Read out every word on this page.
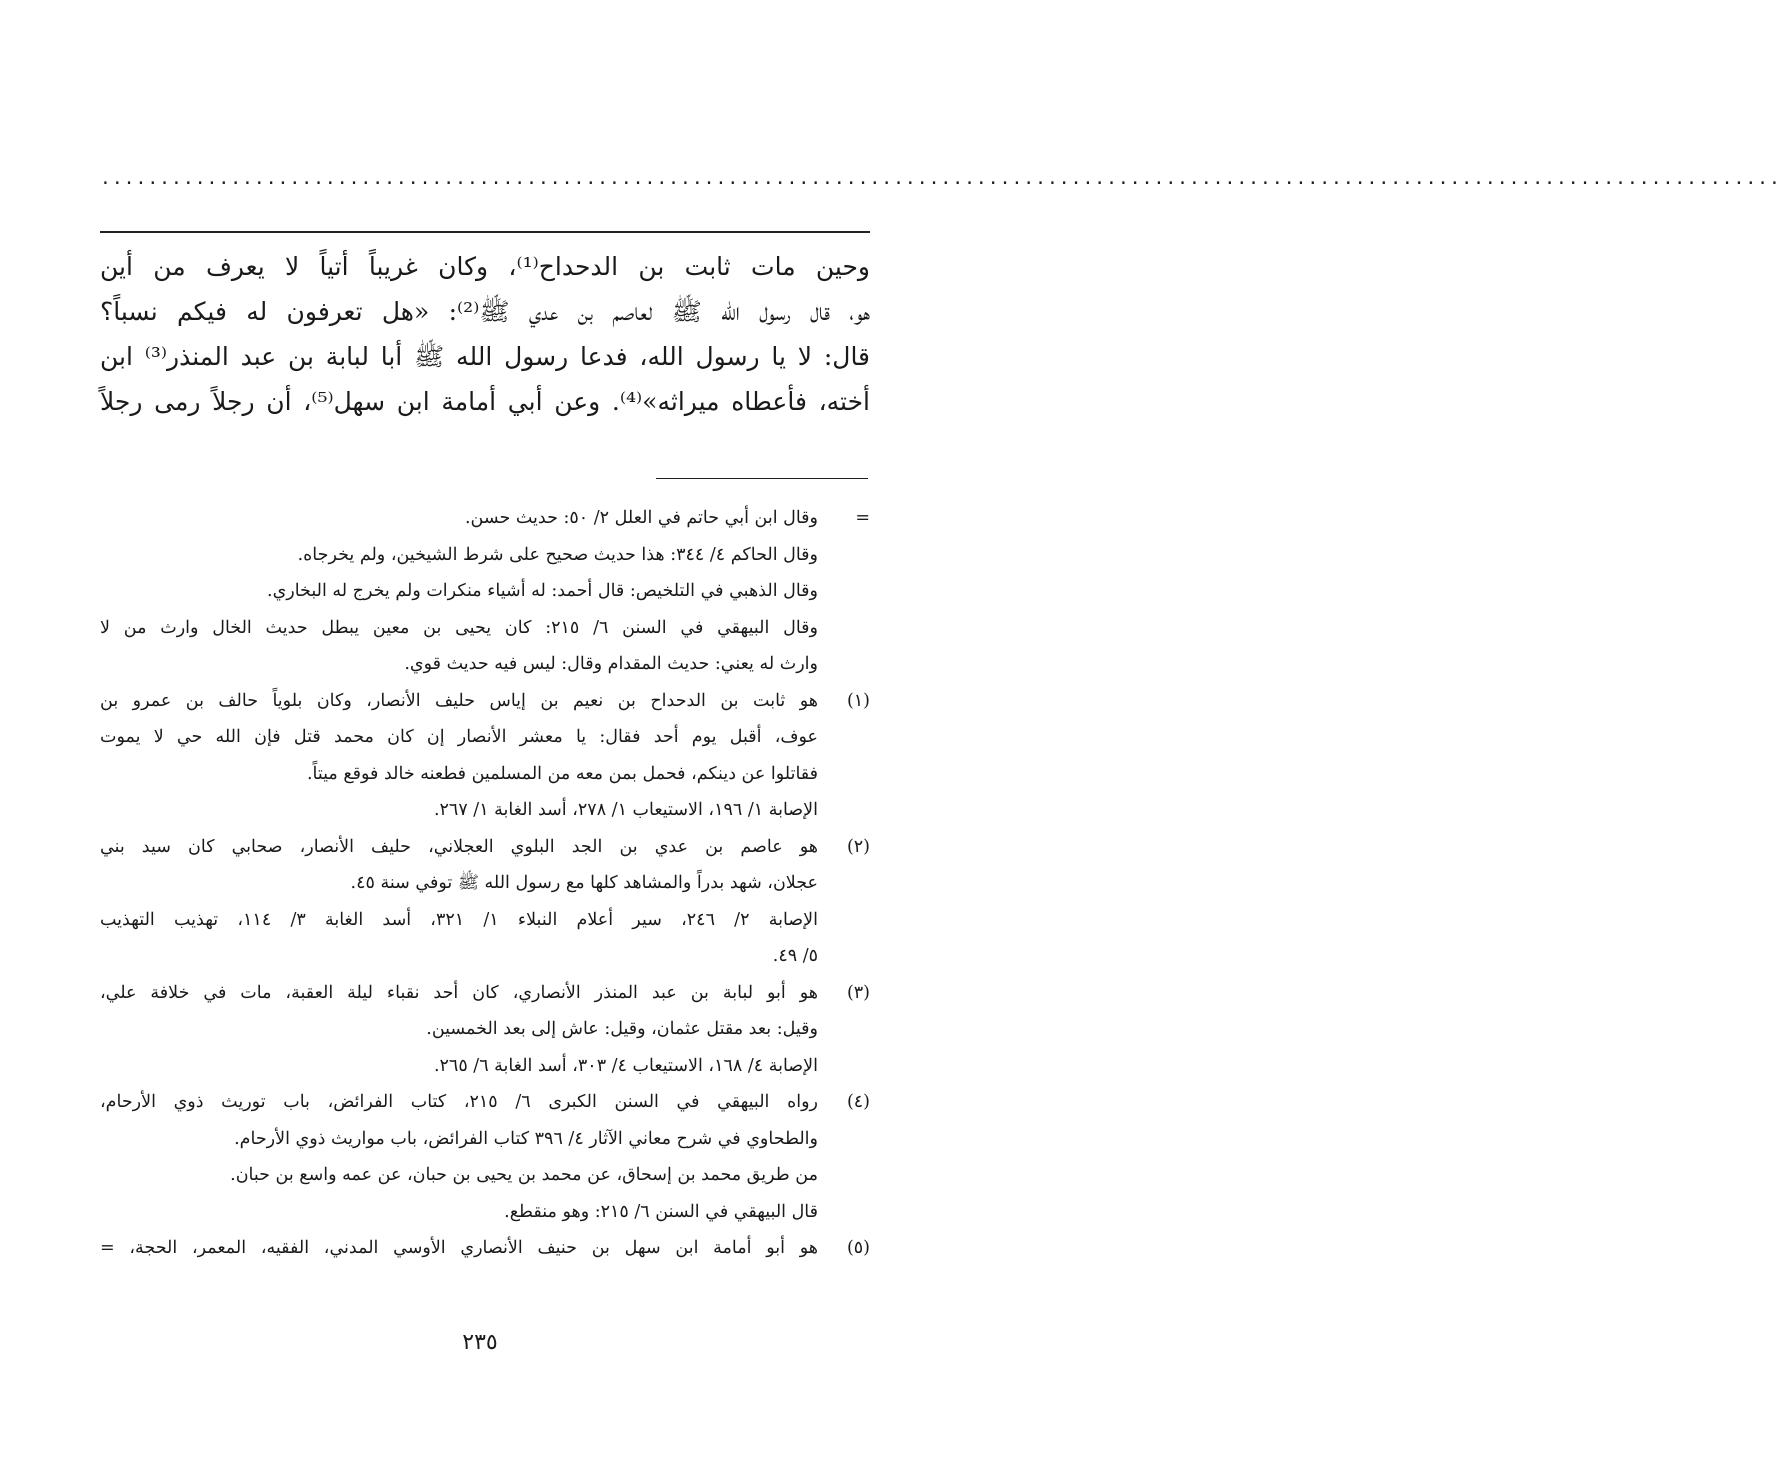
..............................................................................................................................................
وحين مات ثابت بن الدحداح⁽¹⁾، وكان غريباً أتياً لا يعرف من أين
هو، قال رسول الله ﷺ لعاصم بن عدي ﷺ⁽²⁾: «هل تعرفون له فيكم نسباً؟
قال: لا يا رسول الله، فدعا رسول الله ﷺ أبا لبابة بن عبد المنذر⁽³⁾ ابن
أخته، فأعطاه ميراثه»⁽⁴⁾. وعن أبي أمامة ابن سهل⁽⁵⁾، أن رجلاً رمى رجلاً
=
وقال ابن أبي حاتم في العلل ٢/ ٥٠: حديث حسن.
وقال الحاكم ٤/ ٣٤٤: هذا حديث صحيح على شرط الشيخين، ولم يخرجاه.
وقال الذهبي في التلخيص: قال أحمد: له أشياء منكرات ولم يخرج له البخاري.
وقال البيهقي في السنن ٦/ ٢١٥: كان يحيى بن معين يبطل حديث الخال وارث من لا
وارث له يعني: حديث المقدام وقال: ليس فيه حديث قوي.
(١)
هو ثابت بن الدحداح بن نعيم بن إياس حليف الأنصار، وكان بلوياً حالف بن عمرو بن
عوف، أقبل يوم أحد فقال: يا معشر الأنصار إن كان محمد قتل فإن الله حي لا يموت
فقاتلوا عن دينكم، فحمل بمن معه من المسلمين فطعنه خالد فوقع ميتاً.
الإصابة ١/ ١٩٦، الاستيعاب ١/ ٢٧٨، أسد الغابة ١/ ٢٦٧.
(٢)
هو عاصم بن عدي بن الجد البلوي العجلاني، حليف الأنصار، صحابي كان سيد بني
عجلان، شهد بدراً والمشاهد كلها مع رسول الله ﷺ توفي سنة ٤٥.
الإصابة ٢/ ٢٤٦، سير أعلام النبلاء ١/ ٣٢١، أسد الغابة ٣/ ١١٤، تهذيب التهذيب
٥/ ٤٩.
(٣)
هو أبو لبابة بن عبد المنذر الأنصاري، كان أحد نقباء ليلة العقبة، مات في خلافة علي،
وقيل: بعد مقتل عثمان، وقيل: عاش إلى بعد الخمسين.
الإصابة ٤/ ١٦٨، الاستيعاب ٤/ ٣٠٣، أسد الغابة ٦/ ٢٦٥.
(٤)
رواه البيهقي في السنن الكبرى ٦/ ٢١٥، كتاب الفرائض، باب توريث ذوي الأرحام،
والطحاوي في شرح معاني الآثار ٤/ ٣٩٦ كتاب الفرائض، باب مواريث ذوي الأرحام.
من طريق محمد بن إسحاق، عن محمد بن يحيى بن حبان، عن عمه واسع بن حبان.
قال البيهقي في السنن ٦/ ٢١٥: وهو منقطع.
(٥)
هو أبو أمامة ابن سهل بن حنيف الأنصاري الأوسي المدني، الفقيه، المعمر، الحجة، =
٢٣٥
